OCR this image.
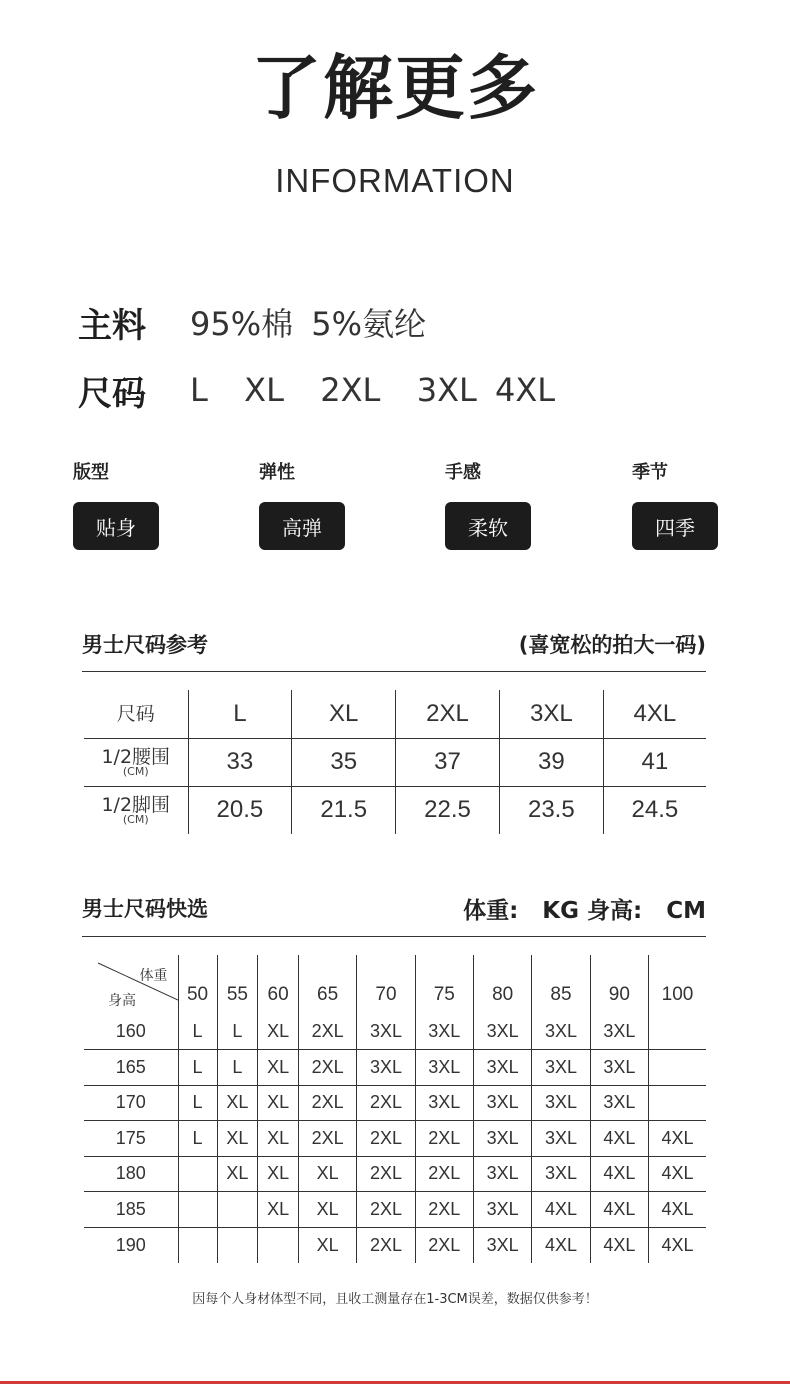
了解更多
INFORMATION
主料	95%棉 5%氨纶
尺码	L  XL  2XL  3XL 4XL
版型
贴身
弹性
高弹
手感
柔软
季节
四季
男士尺码参考	(喜宽松的拍大一码)
尺码	L	XL	2XL	3XL	4XL
1/2腰围
(CM)	33	35	37	39	41
1/2脚围
(CM)	20.5	21.5	22.5	23.5	24.5
男士尺码快选	体重:   KG 身高:   CM
体重
身高	50	55	60	65	70	75	80	85	90	100
160	L	L	XL	2XL	3XL	3XL	3XL	3XL	3XL	
165	L	L	XL	2XL	3XL	3XL	3XL	3XL	3XL	
170	L	XL	XL	2XL	2XL	3XL	3XL	3XL	3XL	
175	L	XL	XL	2XL	2XL	2XL	3XL	3XL	4XL	4XL
180		XL	XL	XL	2XL	2XL	3XL	3XL	4XL	4XL
185			XL	XL	2XL	2XL	3XL	4XL	4XL	4XL
190				XL	2XL	2XL	3XL	4XL	4XL	4XL
因每个人身材体型不同，且收工测量存在1-3CM误差，数据仅供参考！
